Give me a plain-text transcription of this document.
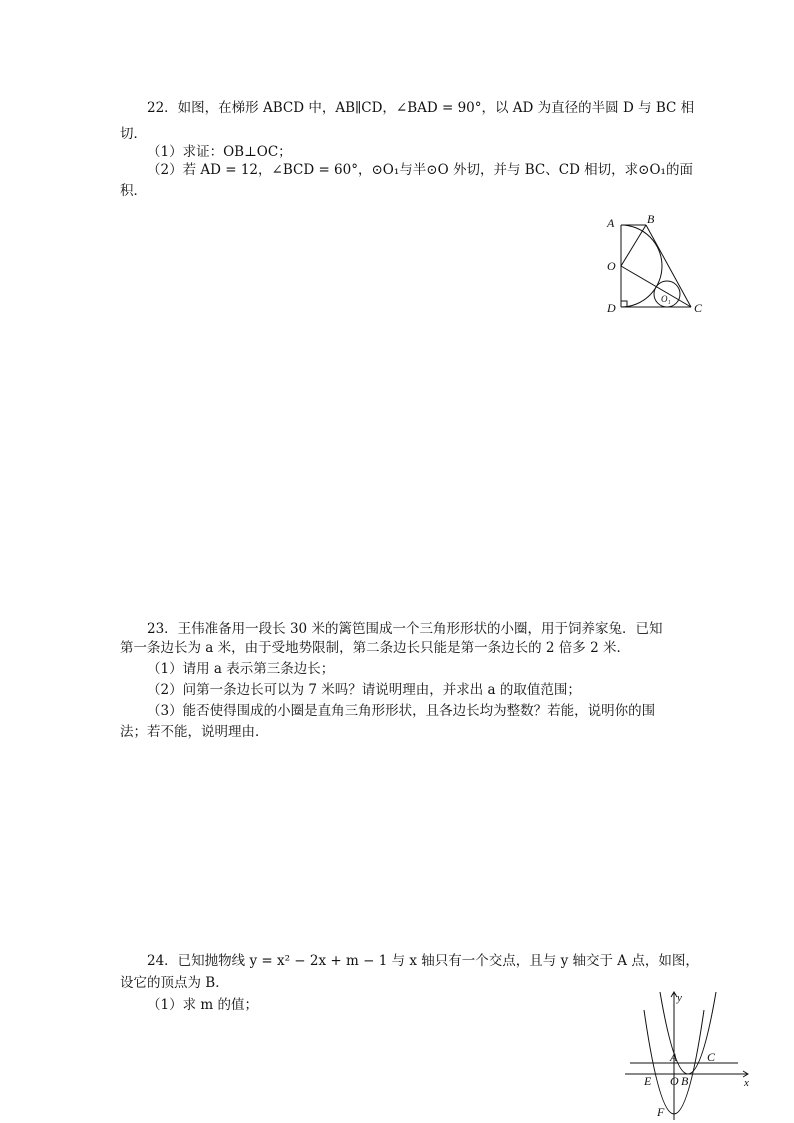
22．如图，在梯形 ABCD 中，AB∥CD，∠BAD = 90°，以 AD 为直径的半圆 D 与 BC 相
切．
（1）求证：OB⊥OC；
（2）若 AD = 12，∠BCD = 60°，⊙O₁与半⊙O 外切，并与 BC、CD 相切，求⊙O₁的面
积．
A	B
O
D	C
O₁
23．王伟准备用一段长 30 米的篱笆围成一个三角形形状的小圈，用于饲养家兔．已知
第一条边长为 a 米，由于受地势限制，第二条边长只能是第一条边长的 2 倍多 2 米．
（1）请用 a 表示第三条边长；
（2）问第一条边长可以为 7 米吗？请说明理由，并求出 a 的取值范围；
（3）能否使得围成的小圈是直角三角形形状，且各边长均为整数？若能，说明你的围
法；若不能，说明理由．
24．已知抛物线 y = x² − 2x + m − 1 与 x 轴只有一个交点，且与 y 轴交于 A 点，如图，
设它的顶点为 B．
（1）求 m 的值；	y
x
A C
E O B
F
